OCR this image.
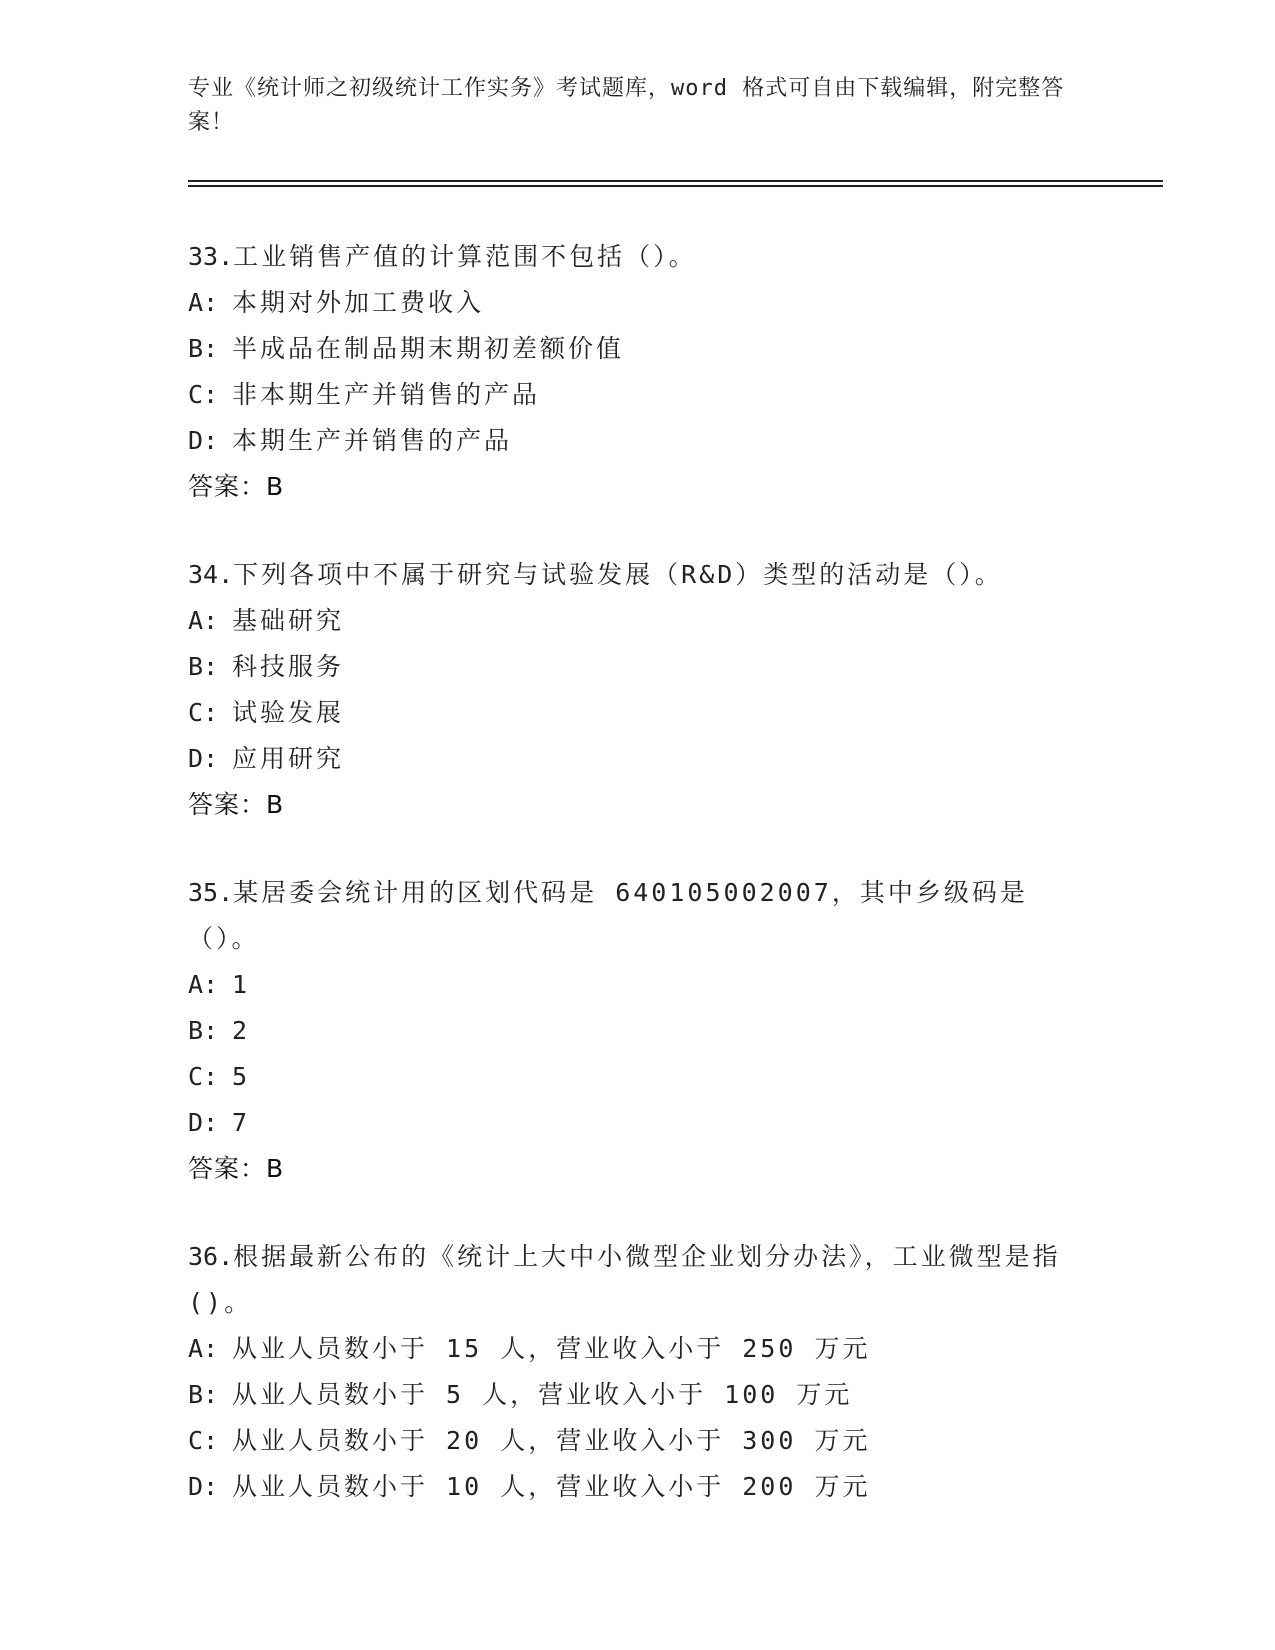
专业《统计师之初级统计工作实务》考试题库，word 格式可自由下载编辑，附完整答案！
33.工业销售产值的计算范围不包括（）。
A: 本期对外加工费收入
B: 半成品在制品期末期初差额价值
C: 非本期生产并销售的产品
D: 本期生产并销售的产品
答案：B
34.下列各项中不属于研究与试验发展（R&D）类型的活动是（）。
A: 基础研究
B: 科技服务
C: 试验发展
D: 应用研究
答案：B
35.某居委会统计用的区划代码是 640105002007，其中乡级码是（）。
A: 1
B: 2
C: 5
D: 7
答案：B
36.根据最新公布的《统计上大中小微型企业划分办法》，工业微型是指()。
A: 从业人员数小于 15 人，营业收入小于 250 万元
B: 从业人员数小于 5 人，营业收入小于 100 万元
C: 从业人员数小于 20 人，营业收入小于 300 万元
D: 从业人员数小于 10 人，营业收入小于 200 万元
